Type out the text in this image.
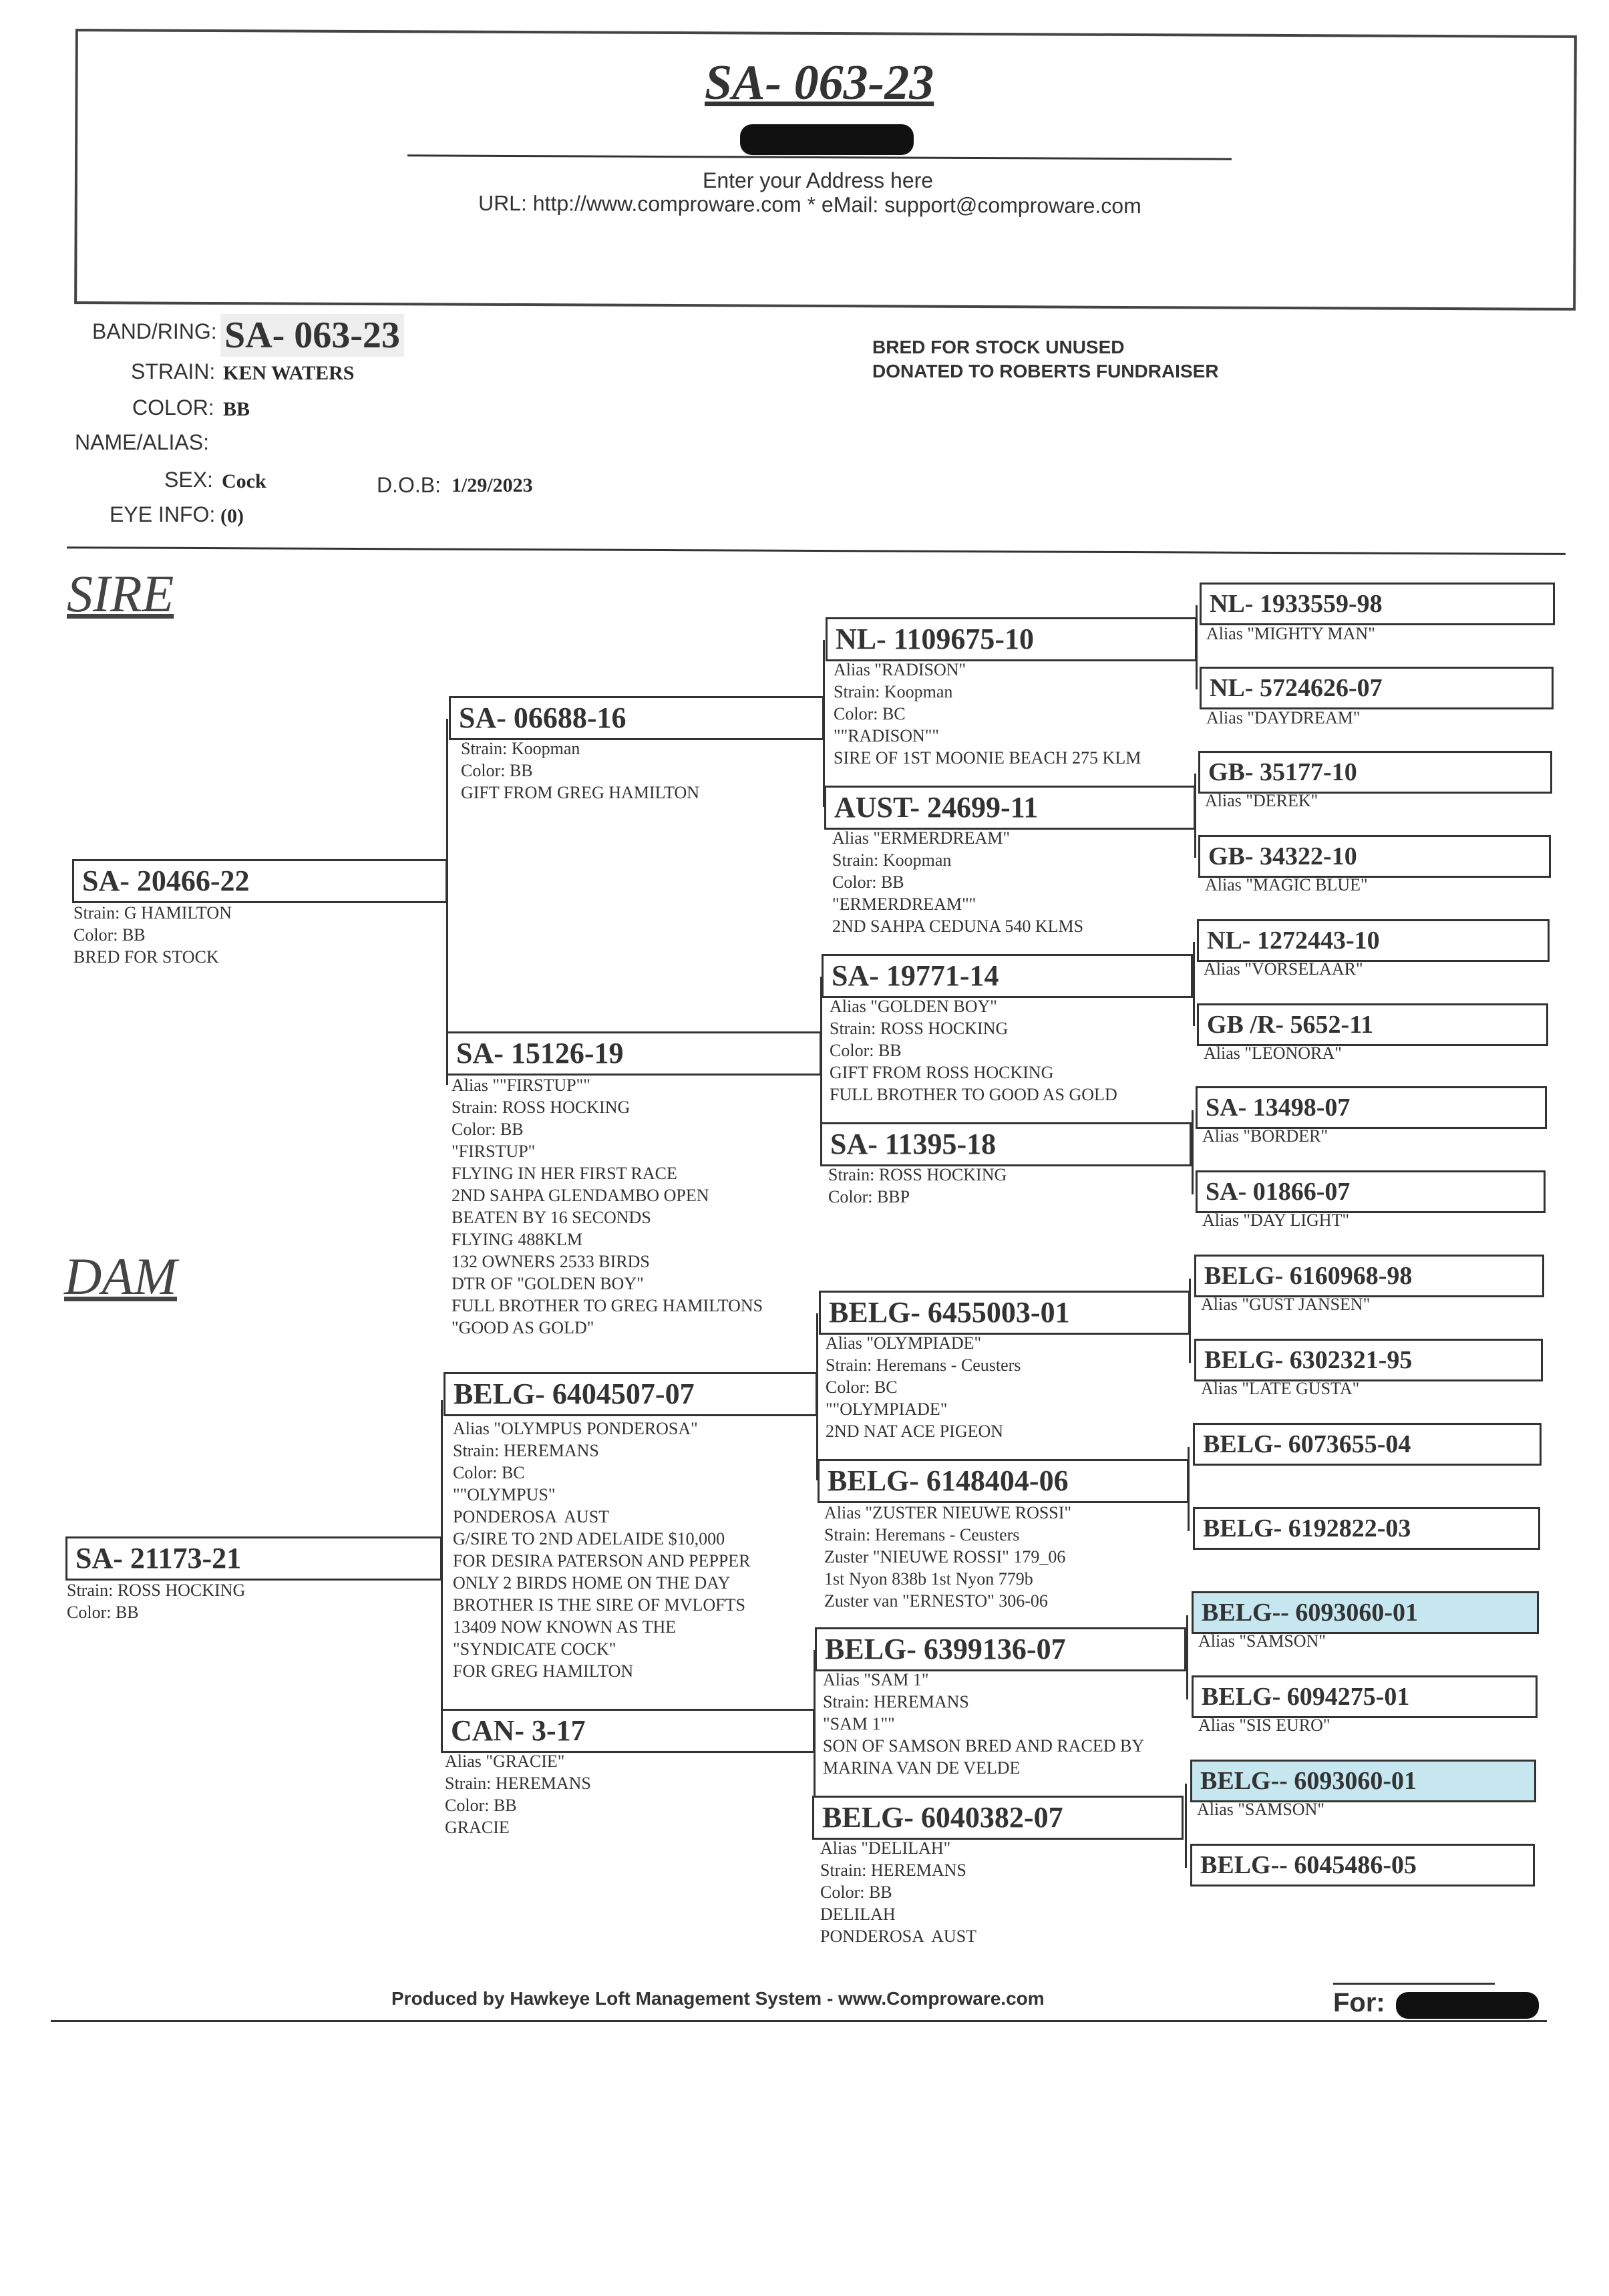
SA- 063-23
Enter your Address here
URL: http://www.comproware.com * eMail: support@comproware.com
BAND/RING: SA- 063-23
STRAIN: KEN WATERS
COLOR: BB
NAME/ALIAS:
SEX: Cock	D.O.B: 1/29/2023
EYE INFO: (0)
BRED FOR STOCK UNUSED
DONATED TO ROBERTS FUNDRAISER
SIRE
DAM
SA- 20466-22
Strain: G HAMILTON
Color: BB
BRED FOR STOCK
SA- 21173-21
Strain: ROSS HOCKING
Color: BB
SA- 06688-16
Strain: Koopman
Color: BB
GIFT FROM GREG HAMILTON
SA- 15126-19
Alias ""FIRSTUP""
Strain: ROSS HOCKING
Color: BB
"FIRSTUP"
FLYING IN HER FIRST RACE
2ND SAHPA GLENDAMBO OPEN
BEATEN BY 16 SECONDS
FLYING 488KLM
132 OWNERS 2533 BIRDS
DTR OF "GOLDEN BOY"
FULL BROTHER TO GREG HAMILTONS
"GOOD AS GOLD"
BELG- 6404507-07
Alias "OLYMPUS PONDEROSA"
Strain: HEREMANS
Color: BC
""OLYMPUS"
PONDEROSA  AUST
G/SIRE TO 2ND ADELAIDE $10,000
FOR DESIRA PATERSON AND PEPPER
ONLY 2 BIRDS HOME ON THE DAY
BROTHER IS THE SIRE OF MVLOFTS
13409 NOW KNOWN AS THE
"SYNDICATE COCK"
FOR GREG HAMILTON
CAN- 3-17
Alias "GRACIE"
Strain: HEREMANS
Color: BB
GRACIE
NL- 1109675-10
Alias "RADISON"
Strain: Koopman
Color: BC
""RADISON""
SIRE OF 1ST MOONIE BEACH 275 KLM
AUST- 24699-11
Alias "ERMERDREAM"
Strain: Koopman
Color: BB
"ERMERDREAM""
2ND SAHPA CEDUNA 540 KLMS
SA- 19771-14
Alias "GOLDEN BOY"
Strain: ROSS HOCKING
Color: BB
GIFT FROM ROSS HOCKING
FULL BROTHER TO GOOD AS GOLD
SA- 11395-18
Strain: ROSS HOCKING
Color: BBP
BELG- 6455003-01
Alias "OLYMPIADE"
Strain: Heremans - Ceusters
Color: BC
""OLYMPIADE"
2ND NAT ACE PIGEON
BELG- 6148404-06
Alias "ZUSTER NIEUWE ROSSI"
Strain: Heremans - Ceusters
Zuster "NIEUWE ROSSI" 179_06
1st Nyon 838b 1st Nyon 779b
Zuster van "ERNESTO" 306-06
BELG- 6399136-07
Alias "SAM 1"
Strain: HEREMANS
"SAM 1""
SON OF SAMSON BRED AND RACED BY
MARINA VAN DE VELDE
BELG- 6040382-07
Alias "DELILAH"
Strain: HEREMANS
Color: BB
DELILAH
PONDEROSA  AUST
NL- 1933559-98
Alias "MIGHTY MAN"
NL- 5724626-07
Alias "DAYDREAM"
GB- 35177-10
Alias "DEREK"
GB- 34322-10
Alias "MAGIC BLUE"
NL- 1272443-10
Alias "VORSELAAR"
GB /R- 5652-11
Alias "LEONORA"
SA- 13498-07
Alias "BORDER"
SA- 01866-07
Alias "DAY LIGHT"
BELG- 6160968-98
Alias "GUST JANSEN"
BELG- 6302321-95
Alias "LATE GUSTA"
BELG- 6073655-04
BELG- 6192822-03
BELG-- 6093060-01
Alias "SAMSON"
BELG- 6094275-01
Alias "SIS EURO"
BELG-- 6093060-01
Alias "SAMSON"
BELG-- 6045486-05
Produced by Hawkeye Loft Management System - www.Comproware.com	For:
